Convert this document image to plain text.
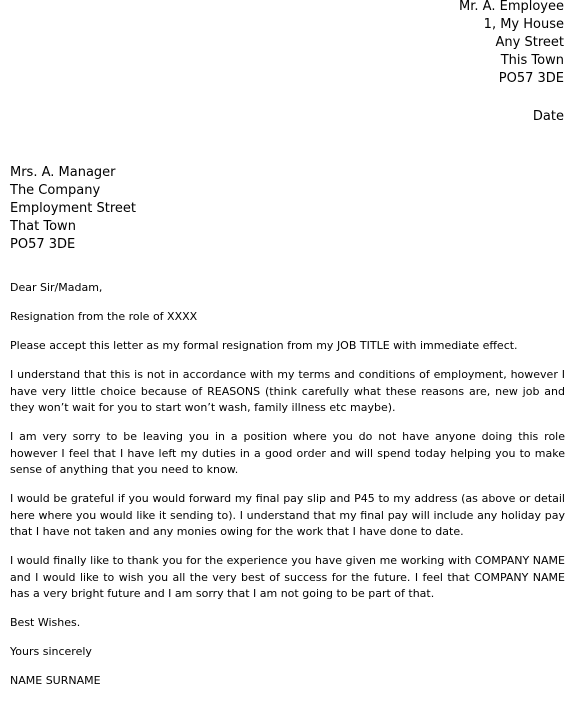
Mr. A. Employee
1, My House
Any Street
This Town
PO57 3DE
Date
Mrs. A. Manager
The Company
Employment Street
That Town
PO57 3DE

Dear Sir/Madam,

Resignation from the role of XXXX

Please accept this letter as my formal resignation from my JOB TITLE with immediate effect.

I understand that this is not in accordance with my terms and conditions of employment, however I have very little choice because of REASONS (think carefully what these reasons are, new job and they won’t wait for you to start won’t wash, family illness etc maybe).

I am very sorry to be leaving you in a position where you do not have anyone doing this role however I feel that I have left my duties in a good order and will spend today helping you to make sense of anything that you need to know.

I would be grateful if you would forward my final pay slip and P45 to my address (as above or detail here where you would like it sending to). I understand that my final pay will include any holiday pay that I have not taken and any monies owing for the work that I have done to date.

I would finally like to thank you for the experience you have given me working with COMPANY NAME and I would like to wish you all the very best of success for the future. I feel that COMPANY NAME has a very bright future and I am sorry that I am not going to be part of that.

Best Wishes.

Yours sincerely

NAME SURNAME
